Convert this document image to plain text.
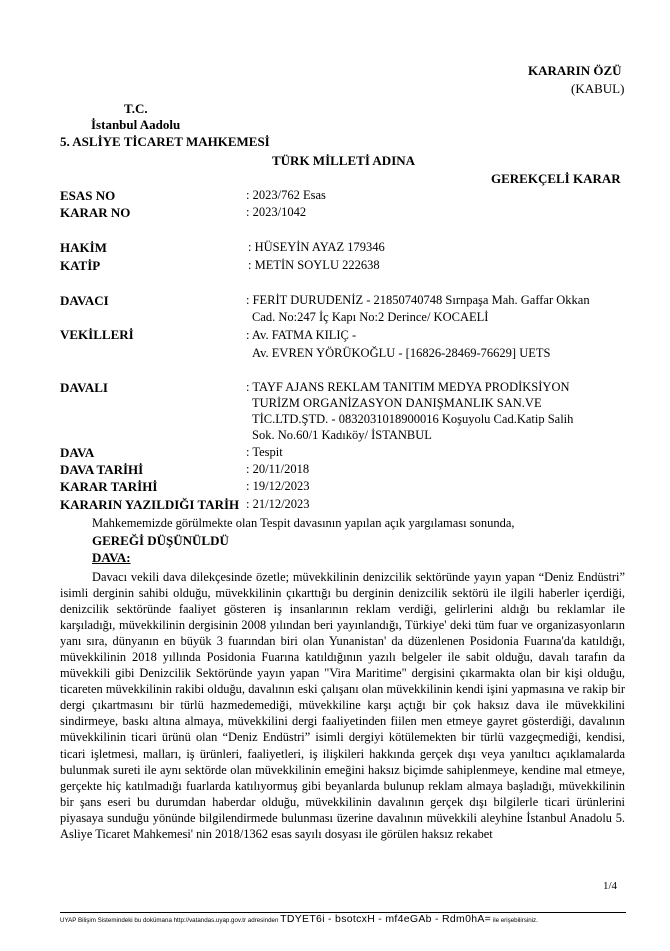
KARARIN ÖZÜ
(KABUL)
T.C.
İstanbul Aadolu
5. ASLİYE TİCARET MAHKEMESİ
TÜRK MİLLETİ ADINA
GEREKÇELİ KARAR
ESAS NO	: 2023/762 Esas
KARAR NO	: 2023/1042
HAKİM	: HÜSEYİN AYAZ 179346
KATİP	: METİN SOYLU 222638
DAVACI	: FERİT DURUDENİZ - 21850740748 Sırnpaşa Mah. Gaffar Okkan
Cad. No:247 İç Kapı No:2 Derince/ KOCAELİ
VEKİLLERİ	: Av. FATMA KILIÇ -
Av. EVREN YÖRÜKOĞLU - [16826-28469-76629] UETS
DAVALI	: TAYF AJANS REKLAM TANITIM MEDYA PRODİKSİYON
TURİZM ORGANİZASYON DANIŞMANLIK SAN.VE
TİC.LTD.ŞTD. - 0832031018900016 Koşuyolu Cad.Katip Salih
Sok. No.60/1 Kadıköy/ İSTANBUL
DAVA	: Tespit
DAVA TARİHİ	: 20/11/2018
KARAR TARİHİ	: 19/12/2023
KARARIN YAZILDIĞI TARİH : 21/12/2023
Mahkememizde görülmekte olan Tespit davasının yapılan açık yargılaması sonunda,
GEREĞİ DÜŞÜNÜLDÜ
DAVA:

Davacı vekili dava dilekçesinde özetle; müvekkilinin denizcilik sektöründe yayın yapan “Deniz Endüstri” isimli derginin sahibi olduğu, müvekkilinin çıkarttığı bu derginin denizcilik sektörü ile ilgili haberler içerdiği, denizcilik sektöründe faaliyet gösteren iş insanlarının reklam verdiği, gelirlerini aldığı bu reklamlar ile karşıladığı, müvekkilinin dergisinin 2008 yılından beri yayınlandığı, Türkiye' deki tüm fuar ve organizasyonların yanı sıra, dünyanın en büyük 3 fuarından biri olan Yunanistan' da düzenlenen Posidonia Fuarına'da katıldığı, müvekkilinin 2018 yıllında Posidonia Fuarına katıldığının yazılı belgeler ile sabit olduğu, davalı tarafın da müvekkili gibi Denizcilik Sektöründe yayın yapan "Vira Maritime" dergisini çıkarmakta olan bir kişi olduğu, ticareten müvekkilinin rakibi olduğu, davalının eski çalışanı olan müvekkilinin kendi işini yapmasına ve rakip bir dergi çıkartmasını bir türlü hazmedemediği, müvekkiline karşı açtığı bir çok haksız dava ile müvekkilini sindirmeye, baskı altına almaya, müvekkilini dergi faaliyetinden fiilen men etmeye gayret gösterdiği, davalının müvekkilinin ticari ürünü olan “Deniz Endüstri” isimli dergiyi kötülemekten bir türlü vazgeçmediği, kendisi, ticari işletmesi, malları, iş ürünleri, faaliyetleri, iş ilişkileri hakkında gerçek dışı veya yanıltıcı açıklamalarda bulunmak sureti ile aynı sektörde olan müvekkilinin emeğini haksız biçimde sahiplenmeye, kendine mal etmeye, gerçekte hiç katılmadığı fuarlarda katılıyormuş gibi beyanlarda bulunup reklam almaya başladığı, müvekkilinin bir şans eseri bu durumdan haberdar olduğu, müvekkilinin davalının gerçek dışı bilgilerle ticari ürünlerini piyasaya sunduğu yönünde bilgilendirmede bulunması üzerine davalının müvekkili aleyhine İstanbul Anadolu 5. Asliye Ticaret Mahkemesi' nin 2018/1362 esas sayılı dosyası ile görülen haksız rekabet

1/4
UYAP Bilişim Sistemindeki bu dokümana http://vatandas.uyap.gov.tr adresinden TDYET6i - bsotcxH - mf4eGAb - Rdm0hA= ile erişebilirsiniz.
